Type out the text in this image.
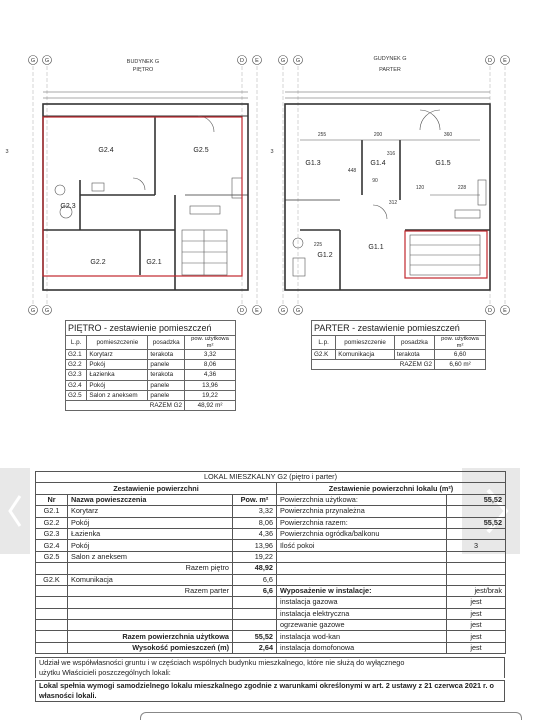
G G	D E	G G	D E
G G	D E	G G	D E
BUDYNEK G
PIĘTRO
GUDYNEK G
PARTER
3	3
G2.4	G2.5
G2.3
G2.2	G2.1
G1.3	G1.4	G1.5
G1.1
G1.2
255	200	360
448
90
316
120	228
312
225
PIĘTRO - zestawienie pomieszczeń			
L.p.	pomieszczenie	posadzka	pow. użytkowa m²
G2.1	Korytarz	terakota	3,32
G2.2	Pokój	panele	8,06
G2.3	Łazienka	terakota	4,36
G2.4	Pokój	panele	13,96
G2.5	Salon z aneksem	panele	19,22
RAZEM G2			48,92 m²
PARTER - zestawienie pomieszczeń			
L.p.	pomieszczenie	posadzka	pow. użytkowa m²
G2.K	Komunikacja	terakota	6,60
RAZEM G2			6,60 m²
LOKAL MIESZKALNY G2 (piętro i parter)				
Zestawienie powierzchni			Zestawienie powierzchni lokalu (m²)	
Nr	Nazwa powieszczenia	Pow. m²	Powierzchnia użytkowa:	55,52
G2.1	Korytarz	3,32	Powierzchnia przynależna	
G2.2	Pokój	8,06	Powierzchnia razem:	55,52
G2.3	Łazienka	4,36	Powierzchnia ogródka/balkonu	
G2.4	Pokój	13,96	Ilość pokoi	3
G2.5	Salon z aneksem	19,22		
	Razem piętro	48,92		
G2.K	Komunikacja	6,6		
	Razem parter	6,6	Wyposażenie w instalacje:	jest/brak
			instalacja gazowa	jest
			instalacja elektryczna	jest
			ogrzewanie gazowe	jest
	Razem powierzchnia użytkowa	55,52	instalacja wod-kan	jest
	Wysokość pomieszczeń (m)	2,64	instalacja domofonowa	jest
Udział we współwłasności gruntu i w częściach wspólnych budynku mieszkalnego, które nie służą do wyłącznego
użytku Właścicieli poszczególnych lokali:
Lokal spełnia wymogi samodzielnego lokalu mieszkalnego zgodnie z warunkami określonymi w art. 2 ustawy z 21 czerwca 2021 r. o
własności lokali.
